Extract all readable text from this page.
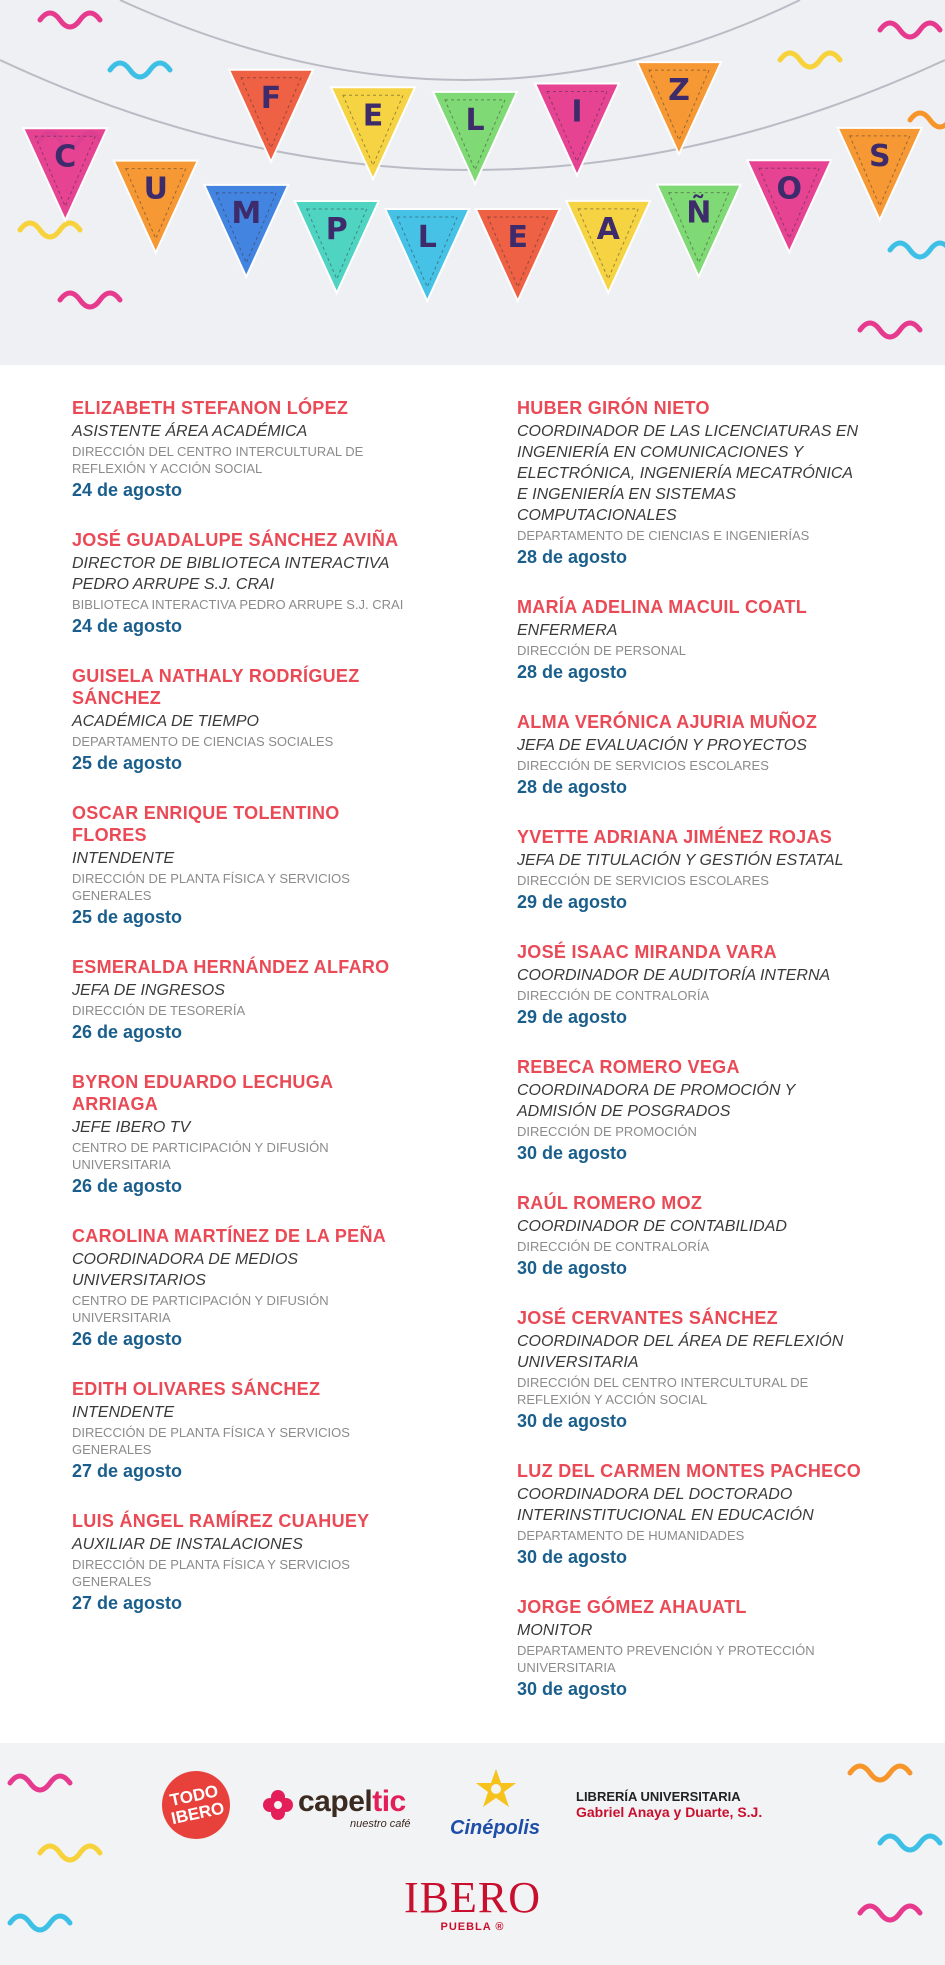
F
E	L	I
Z
C
U
M P L E A Ñ
O
S
ELIZABETH STEFANON LÓPEZ
ASISTENTE ÁREA ACADÉMICA
DIRECCIÓN DEL CENTRO INTERCULTURAL DE REFLEXIÓN Y ACCIÓN SOCIAL
24 de agosto
JOSÉ GUADALUPE SÁNCHEZ AVIÑA
DIRECTOR DE BIBLIOTECA INTERACTIVA PEDRO ARRUPE S.J. CRAI
BIBLIOTECA INTERACTIVA PEDRO ARRUPE S.J. CRAI
24 de agosto
GUISELA NATHALY RODRÍGUEZ SÁNCHEZ
ACADÉMICA DE TIEMPO
DEPARTAMENTO DE CIENCIAS SOCIALES
25 de agosto
OSCAR ENRIQUE TOLENTINO FLORES
INTENDENTE
DIRECCIÓN DE PLANTA FÍSICA Y SERVICIOS GENERALES
25 de agosto
ESMERALDA HERNÁNDEZ ALFARO
JEFA DE INGRESOS
DIRECCIÓN DE TESORERÍA
26 de agosto
BYRON EDUARDO LECHUGA ARRIAGA
JEFE IBERO TV
CENTRO DE PARTICIPACIÓN Y DIFUSIÓN UNIVERSITARIA
26 de agosto
CAROLINA MARTÍNEZ DE LA PEÑA
COORDINADORA DE MEDIOS UNIVERSITARIOS
CENTRO DE PARTICIPACIÓN Y DIFUSIÓN UNIVERSITARIA
26 de agosto
EDITH OLIVARES SÁNCHEZ
INTENDENTE
DIRECCIÓN DE PLANTA FÍSICA Y SERVICIOS GENERALES
27 de agosto
LUIS ÁNGEL RAMÍREZ CUAHUEY
AUXILIAR DE INSTALACIONES
DIRECCIÓN DE PLANTA FÍSICA Y SERVICIOS GENERALES
27 de agosto
HUBER GIRÓN NIETO
COORDINADOR DE LAS LICENCIATURAS EN INGENIERÍA EN COMUNICACIONES Y ELECTRÓNICA, INGENIERÍA MECATRÓNICA E INGENIERÍA EN SISTEMAS COMPUTACIONALES
DEPARTAMENTO DE CIENCIAS E INGENIERÍAS
28 de agosto
MARÍA ADELINA MACUIL COATL
ENFERMERA
DIRECCIÓN DE PERSONAL
28 de agosto
ALMA VERÓNICA AJURIA MUÑOZ
JEFA DE EVALUACIÓN Y PROYECTOS
DIRECCIÓN DE SERVICIOS ESCOLARES
28 de agosto
YVETTE ADRIANA JIMÉNEZ ROJAS
JEFA DE TITULACIÓN Y GESTIÓN ESTATAL
DIRECCIÓN DE SERVICIOS ESCOLARES
29 de agosto
JOSÉ ISAAC MIRANDA VARA
COORDINADOR DE AUDITORÍA INTERNA
DIRECCIÓN DE CONTRALORÍA
29 de agosto
REBECA ROMERO VEGA
COORDINADORA DE PROMOCIÓN Y ADMISIÓN DE POSGRADOS
DIRECCIÓN DE PROMOCIÓN
30 de agosto
RAÚL ROMERO MOZ
COORDINADOR DE CONTABILIDAD
DIRECCIÓN DE CONTRALORÍA
30 de agosto
JOSÉ CERVANTES SÁNCHEZ
COORDINADOR DEL ÁREA DE REFLEXIÓN UNIVERSITARIA
DIRECCIÓN DEL CENTRO INTERCULTURAL DE REFLEXIÓN Y ACCIÓN SOCIAL
30 de agosto
LUZ DEL CARMEN MONTES PACHECO
COORDINADORA DEL DOCTORADO INTERINSTITUCIONAL EN EDUCACIÓN
DEPARTAMENTO DE HUMANIDADES
30 de agosto
JORGE GÓMEZ AHAUATL
MONITOR
DEPARTAMENTO PREVENCIÓN Y PROTECCIÓN UNIVERSITARIA
30 de agosto
TODO IBERO capeltic
nuestro café Cinépolis
LIBRERÍA UNIVERSITARIA
Gabriel Anaya y Duarte, S.J.
IBERO
PUEBLA ®
